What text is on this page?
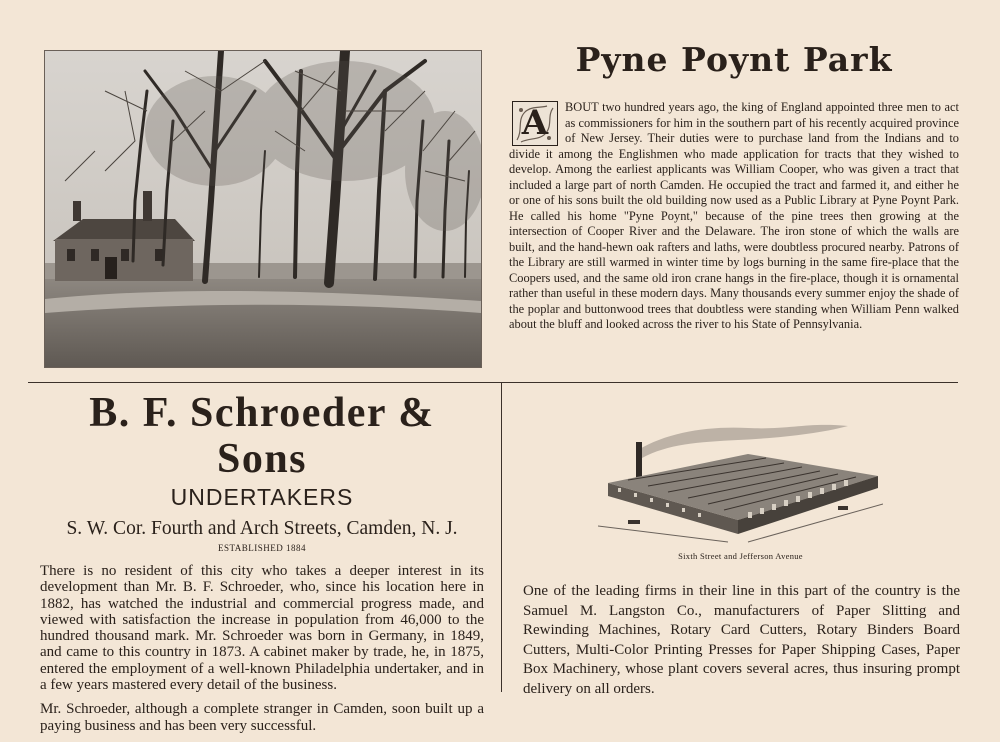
Pyne Poynt Park

A	BOUT two hundred years ago, the king of England appointed three men to act as commissioners for him in the southern part of his recently acquired province of New Jersey. Their duties were to purchase land from the Indians and to divide it among the Englishmen who made application for tracts that they wished to develop. Among the earliest applicants was William Cooper, who was given a tract that included a large part of north Camden. He occupied the tract and farmed it, and either he or one of his sons built the old building now used as a Public Library at Pyne Poynt Park. He called his home "Pyne Poynt," because of the pine trees then growing at the intersection of Cooper River and the Delaware. The iron stone of which the walls are built, and the hand-hewn oak rafters and laths, were doubtless procured nearby. Patrons of the Library are still warmed in winter time by logs burning in the same fire-place that the Coopers used, and the same old iron crane hangs in the fire-place, though it is ornamental rather than useful in these modern days. Many thousands every summer enjoy the shade of the poplar and buttonwood trees that doubtless were standing when William Penn walked about the bluff and looked across the river to his State of Pennsylvania.

B. F. Schroeder & Sons
UNDERTAKERS
S. W. Cor. Fourth and Arch Streets, Camden, N. J.
ESTABLISHED 1884

There is no resident of this city who takes a deeper interest in its development than Mr. B. F. Schroeder, who, since his location here in 1882, has watched the industrial and commercial progress made, and viewed with satisfaction the increase in population from 46,000 to the hundred thousand mark. Mr. Schroeder was born in Germany, in 1849, and came to this country in 1873. A cabinet maker by trade, he, in 1875, entered the employment of a well-known Philadelphia undertaker, and in a few years mastered every detail of the business.

Mr. Schroeder, although a complete stranger in Camden, soon built up a paying business and has been very successful.

Sixth Street and Jefferson Avenue

One of the leading firms in their line in this part of the country is the Samuel M. Langston Co., manufacturers of Paper Slitting and Rewinding Machines, Rotary Card Cutters, Rotary Binders Board Cutters, Multi-Color Printing Presses for Paper Shipping Cases, Paper Box Machinery, whose plant covers several acres, thus insuring prompt delivery on all orders.
